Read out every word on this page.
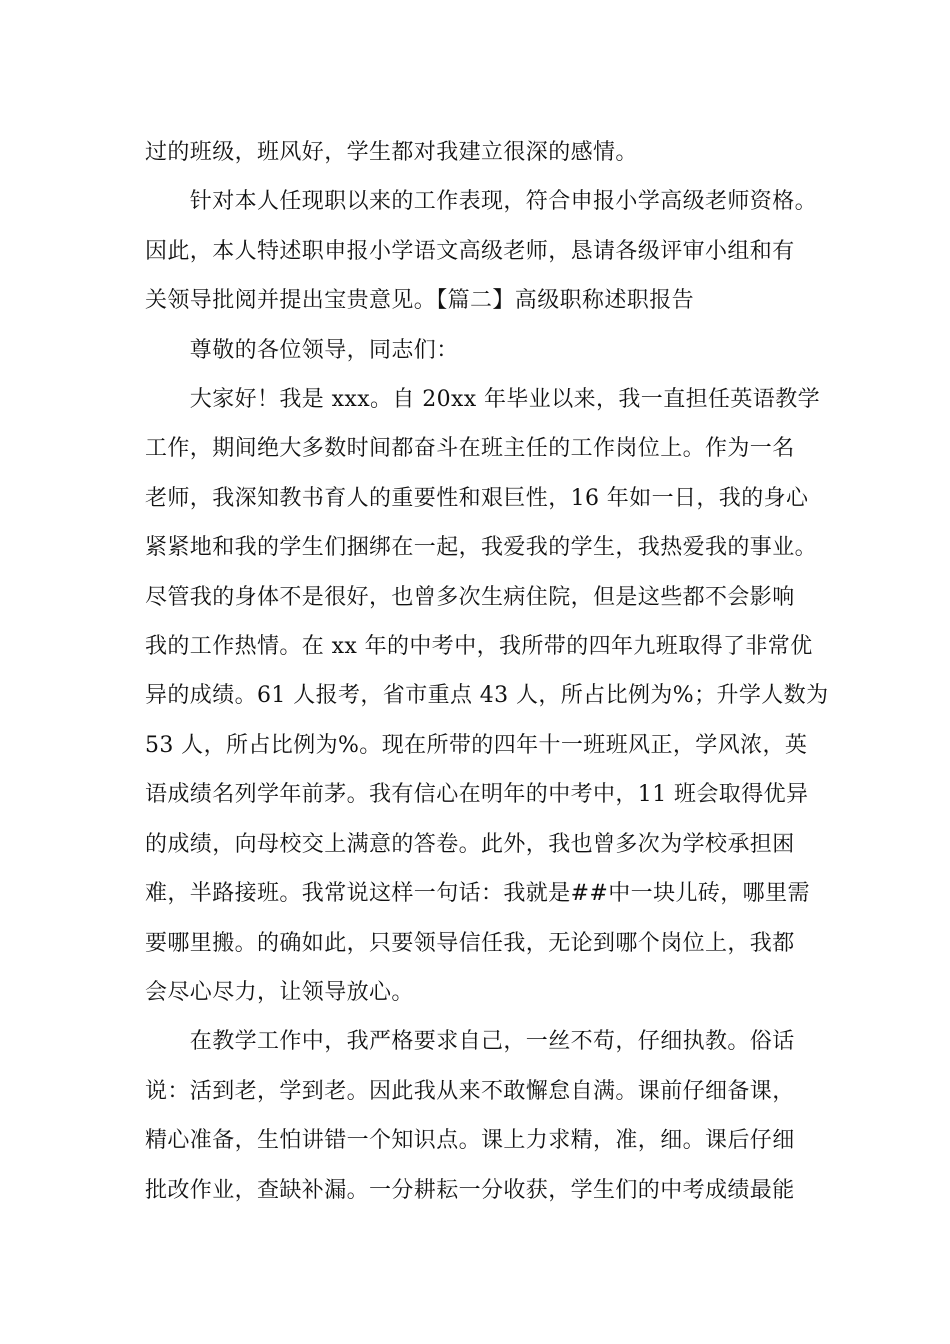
过的班级，班风好，学生都对我建立很深的感情。

　　针对本人任现职以来的工作表现，符合申报小学高级老师资格。
因此，本人特述职申报小学语文高级老师，恳请各级评审小组和有
关领导批阅并提出宝贵意见。【篇二】高级职称述职报告

　　尊敬的各位领导，同志们：

　　大家好！我是 xxx。自 20xx 年毕业以来，我一直担任英语教学
工作，期间绝大多数时间都奋斗在班主任的工作岗位上。作为一名
老师，我深知教书育人的重要性和艰巨性，16 年如一日，我的身心
紧紧地和我的学生们捆绑在一起，我爱我的学生，我热爱我的事业。
尽管我的身体不是很好，也曾多次生病住院，但是这些都不会影响
我的工作热情。在 xx 年的中考中，我所带的四年九班取得了非常优
异的成绩。61 人报考，省市重点 43 人，所占比例为%；升学人数为
53 人，所占比例为%。现在所带的四年十一班班风正，学风浓，英
语成绩名列学年前茅。我有信心在明年的中考中，11 班会取得优异
的成绩，向母校交上满意的答卷。此外，我也曾多次为学校承担困
难，半路接班。我常说这样一句话：我就是##中一块儿砖，哪里需
要哪里搬。的确如此，只要领导信任我，无论到哪个岗位上，我都
会尽心尽力，让领导放心。

　　在教学工作中，我严格要求自己，一丝不苟，仔细执教。俗话
说：活到老，学到老。因此我从来不敢懈怠自满。课前仔细备课，
精心准备，生怕讲错一个知识点。课上力求精，准，细。课后仔细
批改作业，查缺补漏。一分耕耘一分收获，学生们的中考成绩最能
